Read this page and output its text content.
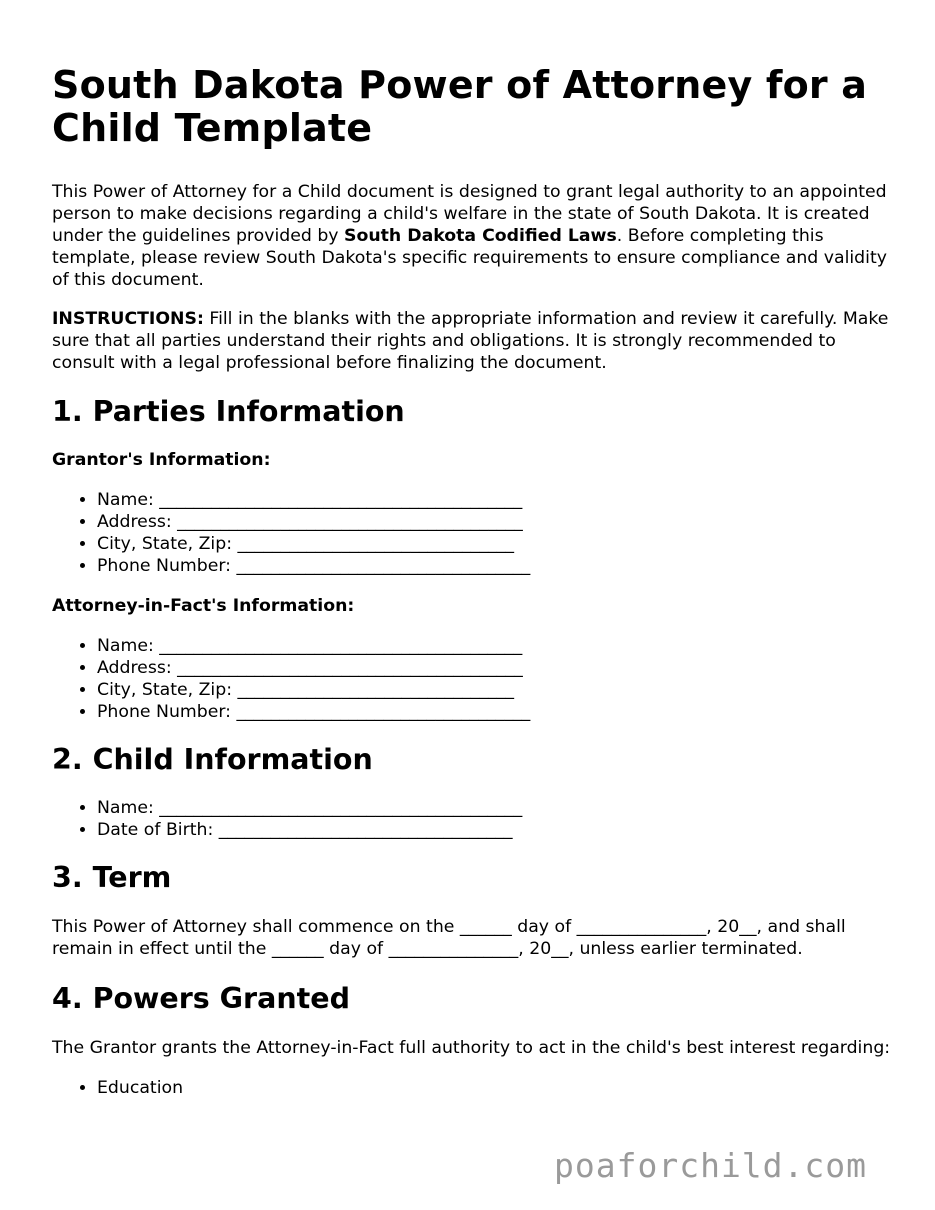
South Dakota Power of Attorney for a Child Template

This Power of Attorney for a Child document is designed to grant legal authority to an appointed person to make decisions regarding a child's welfare in the state of South Dakota. It is created under the guidelines provided by South Dakota Codified Laws. Before completing this template, please review South Dakota's specific requirements to ensure compliance and validity of this document.

INSTRUCTIONS: Fill in the blanks with the appropriate information and review it carefully. Make sure that all parties understand their rights and obligations. It is strongly recommended to consult with a legal professional before finalizing the document.

1. Parties Information
Grantor's Information:
• Name: __________________________________________
• Address: ________________________________________
• City, State, Zip: ________________________________
• Phone Number: __________________________________
Attorney-in-Fact's Information:
• Name: __________________________________________
• Address: ________________________________________
• City, State, Zip: ________________________________
• Phone Number: __________________________________
2. Child Information
• Name: __________________________________________
• Date of Birth: __________________________________
3. Term

This Power of Attorney shall commence on the ______ day of _______________, 20__, and shall remain in effect until the ______ day of _______________, 20__, unless earlier terminated.

4. Powers Granted

The Grantor grants the Attorney-in-Fact full authority to act in the child's best interest regarding:

• Education
poaforchild.com
